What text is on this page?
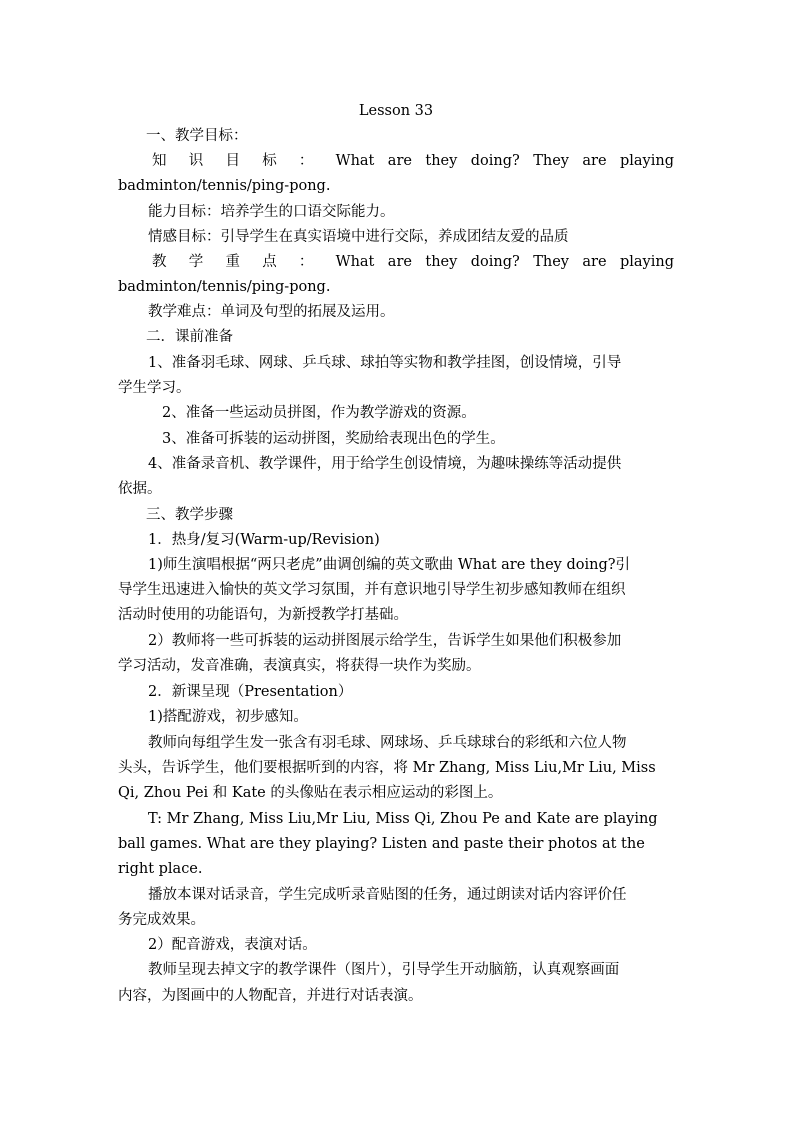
Lesson 33
一、教学目标：
知 识 目 标 ： What are they doing? They are playing
badminton/tennis/ping-pong.
能力目标：培养学生的口语交际能力。
情感目标：引导学生在真实语境中进行交际，养成团结友爱的品质
教 学 重 点 ： What are they doing? They are playing
badminton/tennis/ping-pong.
教学难点：单词及句型的拓展及运用。
二．课前准备
1、准备羽毛球、网球、乒乓球、球拍等实物和教学挂图，创设情境，引导
学生学习。
2、准备一些运动员拼图，作为教学游戏的资源。
3、准备可拆装的运动拼图，奖励给表现出色的学生。
4、准备录音机、教学课件，用于给学生创设情境，为趣味操练等活动提供
依据。
三、教学步骤
1．热身/复习(Warm-up/Revision)
1)师生演唱根据“两只老虎”曲调创编的英文歌曲 What are they doing?引
导学生迅速进入愉快的英文学习氛围，并有意识地引导学生初步感知教师在组织
活动时使用的功能语句，为新授教学打基础。
2）教师将一些可拆装的运动拼图展示给学生，告诉学生如果他们积极参加
学习活动，发音准确，表演真实，将获得一块作为奖励。
2．新课呈现（Presentation）
1)搭配游戏，初步感知。
教师向每组学生发一张含有羽毛球、网球场、乒乓球球台的彩纸和六位人物
头头，告诉学生，他们要根据听到的内容，将 Mr Zhang, Miss Liu,Mr Liu, Miss
Qi, Zhou Pei 和 Kate 的头像贴在表示相应运动的彩图上。
T: Mr Zhang, Miss Liu,Mr Liu, Miss Qi, Zhou Pe and Kate are playing
ball games. What are they playing? Listen and paste their photos at the
right place.
播放本课对话录音，学生完成听录音贴图的任务，通过朗读对话内容评价任
务完成效果。
2）配音游戏，表演对话。
教师呈现去掉文字的教学课件（图片），引导学生开动脑筋，认真观察画面
内容，为图画中的人物配音，并进行对话表演。
